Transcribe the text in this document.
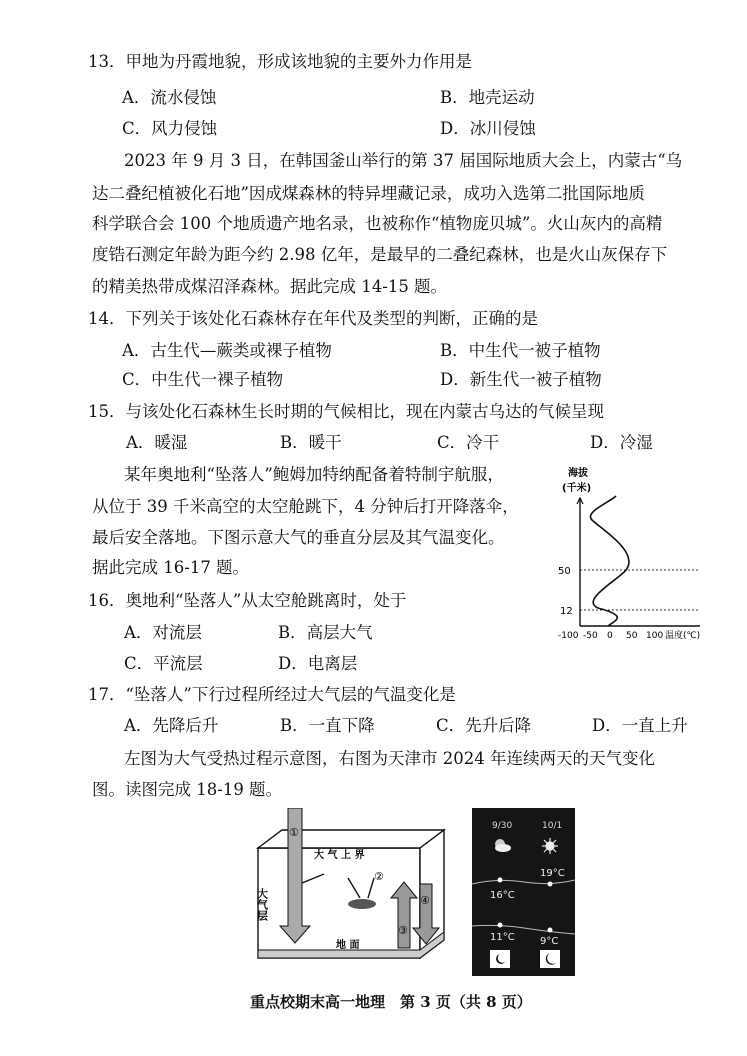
13．甲地为丹霞地貌，形成该地貌的主要外力作用是
A．流水侵蚀	B．地壳运动
C．风力侵蚀	D．冰川侵蚀
2023 年 9 月 3 日，在韩国釜山举行的第 37 届国际地质大会上，内蒙古“乌
达二叠纪植被化石地”因成煤森林的特异埋藏记录，成功入选第二批国际地质
科学联合会 100 个地质遗产地名录，也被称作“植物庞贝城”。火山灰内的高精
度锆石测定年龄为距今约 2.98 亿年，是最早的二叠纪森林，也是火山灰保存下
的精美热带成煤沼泽森林。据此完成 14-15 题。
14．下列关于该处化石森林存在年代及类型的判断，正确的是
A．古生代—蕨类或裸子植物	B．中生代一被子植物
C．中生代一裸子植物	D．新生代一被子植物
15．与该处化石森林生长时期的气候相比，现在内蒙古乌达的气候呈现
A．暖湿	B．暖干	C．冷干	D．冷湿
某年奥地利“坠落人”鲍姆加特纳配备着特制宇航服，
从位于 39 千米高空的太空舱跳下，4 分钟后打开降落伞，
最后安全落地。下图示意大气的垂直分层及其气温变化。
据此完成 16-17 题。
海拔
(千米)
50
12
-100 -50 0 50 100 温度(℃)
16．奥地利“坠落人”从太空舱跳离时，处于
A．对流层	B．高层大气
C．平流层	D．电离层
17．“坠落人”下行过程所经过大气层的气温变化是
A．先降后升	B．一直下降	C．先升后降	D．一直上升
左图为大气受热过程示意图，右图为天津市 2024 年连续两天的天气变化
图。读图完成 18-19 题。
大 气 上 界
地 面
大气层
①
②
③
④
9/30	10/1
16°C
19°C
11°C	9°C
重点校期末高一地理　第 3 页（共 8 页）
